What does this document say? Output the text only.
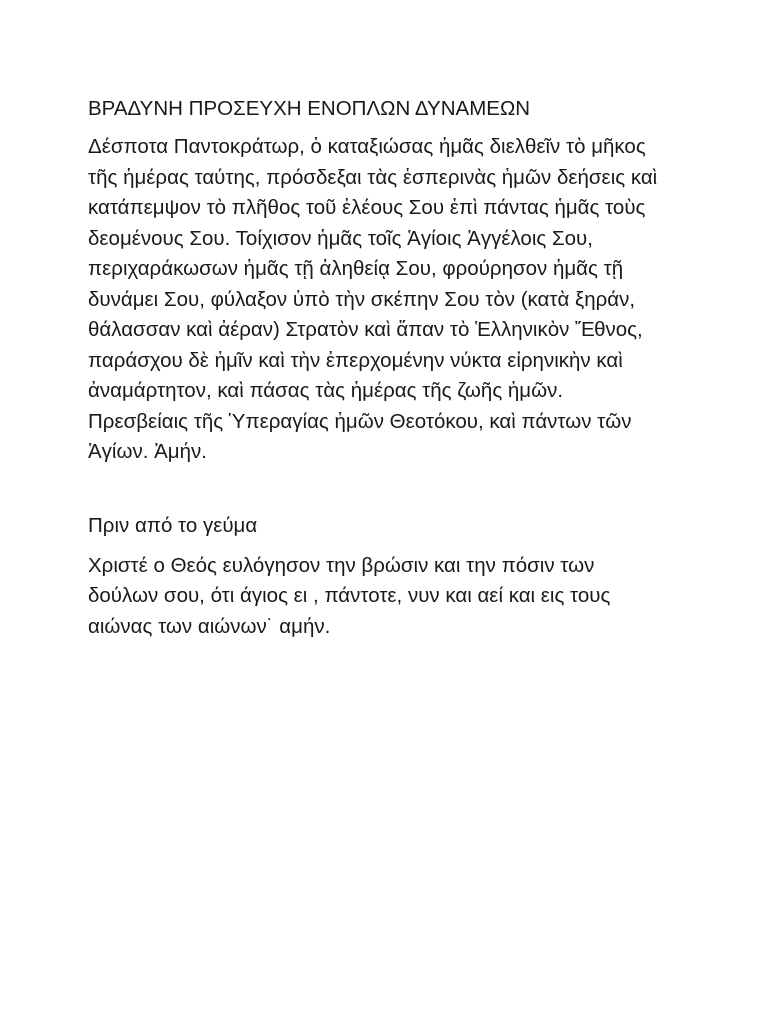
ΒΡΑΔΥΝΗ ΠΡΟΣΕΥΧΗ ΕΝΟΠΛΩΝ ΔΥΝΑΜΕΩΝ
Δέσποτα Παντοκράτωρ, ὁ καταξιώσας ἡμᾶς διελθεῖν τὸ μῆκος
τῆς ἡμέρας ταύτης, πρόσδεξαι τὰς ἑσπερινὰς ἡμῶν δεήσεις καὶ
κατάπεμψον τὸ πλῆθος τοῦ ἐλέους Σου ἐπὶ πάντας ἡμᾶς τοὺς
δεομένους Σου. Τοίχισον ἡμᾶς τοῖς Ἁγίοις Ἀγγέλοις Σου,
περιχαράκωσων ἡμᾶς τῇ ἀληθείᾳ Σου, φρούρησον ἡμᾶς τῇ
δυνάμει Σου, φύλαξον ὑπὸ τὴν σκέπην Σου τὸν (κατὰ ξηράν,
θάλασσαν καὶ ἀέραν) Στρατὸν καὶ ἅπαν τὸ Ἑλληνικὸν Ἔθνος,
παράσχου δὲ ἡμῖν καὶ τὴν ἐπερχομένην νύκτα εἰρηνικὴν καὶ
ἀναμάρτητον, καὶ πάσας τὰς ἡμέρας τῆς ζωῆς ἡμῶν.
Πρεσβείαις τῆς Ὑπεραγίας ἡμῶν Θεοτόκου, καὶ πάντων τῶν
Ἁγίων. Ἀμήν.
Πριν από το γεύμα
Χριστέ ο Θεός ευλόγησον την βρώσιν και την πόσιν των
δούλων σου, ότι άγιος ει , πάντοτε, νυν και αεί και εις τους
αιώνας των αιώνων˙ αμήν.
